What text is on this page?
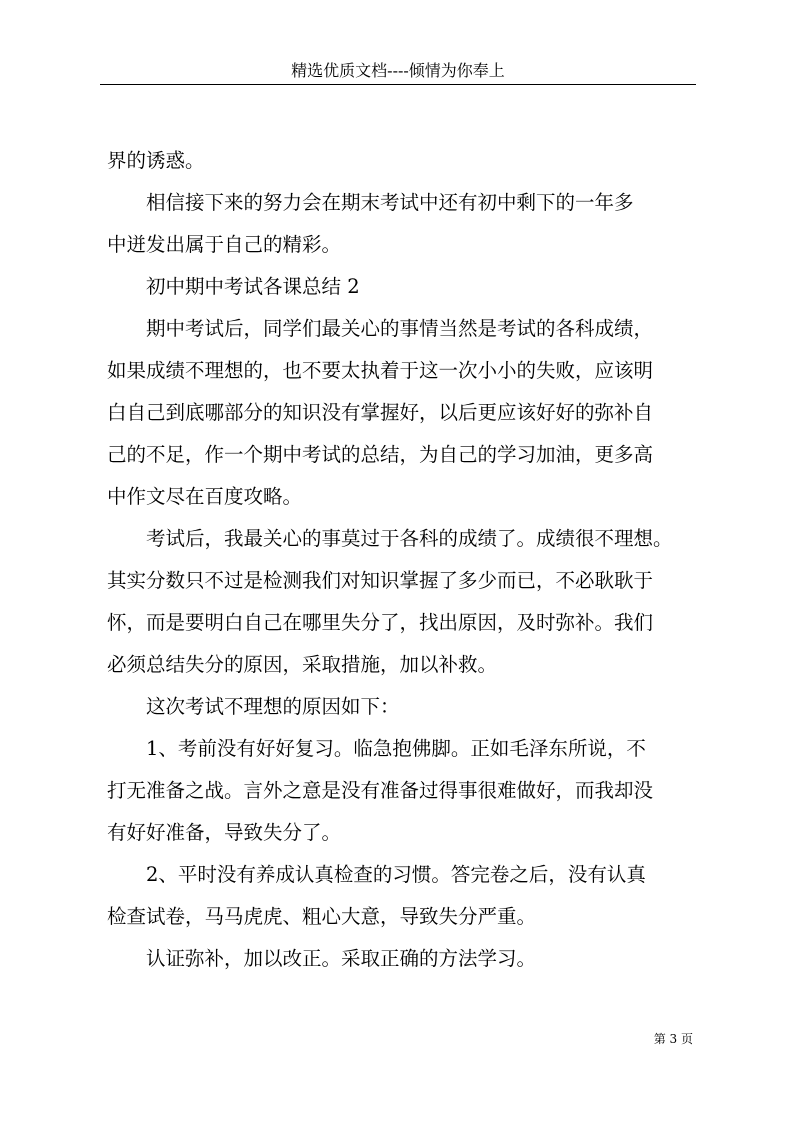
精选优质文档----倾情为你奉上
界的诱惑。
相信接下来的努力会在期末考试中还有初中剩下的一年多
中迸发出属于自己的精彩。
初中期中考试各课总结 2
期中考试后，同学们最关心的事情当然是考试的各科成绩，
如果成绩不理想的，也不要太执着于这一次小小的失败，应该明
白自己到底哪部分的知识没有掌握好，以后更应该好好的弥补自
己的不足，作一个期中考试的总结，为自己的学习加油，更多高
中作文尽在百度攻略。
考试后，我最关心的事莫过于各科的成绩了。成绩很不理想。
其实分数只不过是检测我们对知识掌握了多少而已，不必耿耿于
怀，而是要明白自己在哪里失分了，找出原因，及时弥补。我们
必须总结失分的原因，采取措施，加以补救。
这次考试不理想的原因如下：
1、考前没有好好复习。临急抱佛脚。正如毛泽东所说，不
打无准备之战。言外之意是没有准备过得事很难做好，而我却没
有好好准备，导致失分了。
2、平时没有养成认真检查的习惯。答完卷之后，没有认真
检查试卷，马马虎虎、粗心大意，导致失分严重。
认证弥补，加以改正。采取正确的方法学习。
第 3 页
